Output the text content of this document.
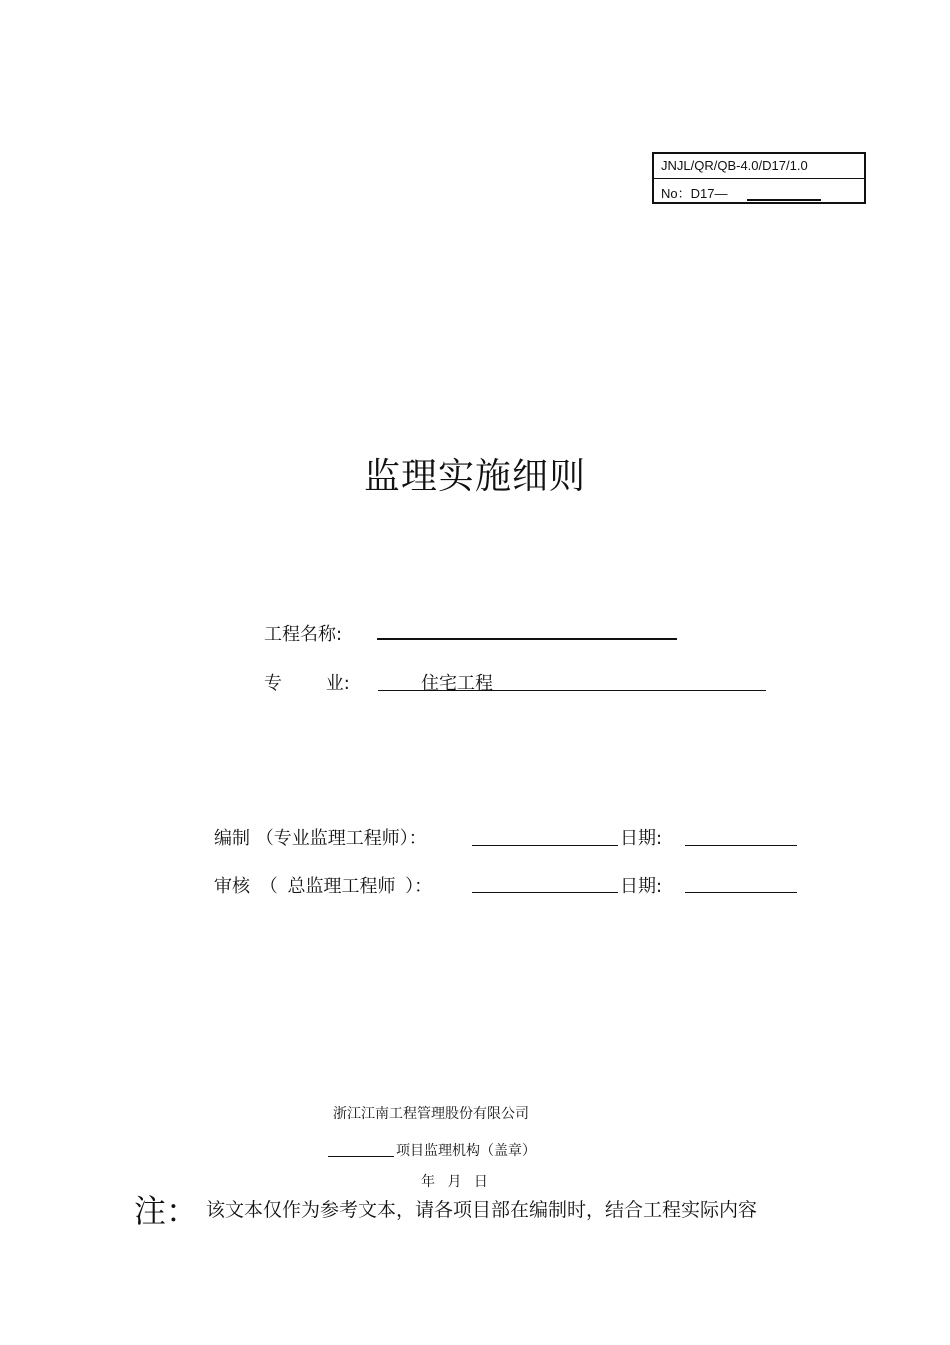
JNJL/QR/QB-4.0/D17/1.0
No：D17—
监理实施细则
工程名称:
专 业:	住宅工程
编制 （专业监理工程师）：	日期:
审核 （ 总监理工程师 ）：	日期:
浙江江南工程管理股份有限公司
项目监理机构（盖章）
年 月 日
注： 该文本仅作为参考文本，请各项目部在编制时，结合工程实际内容
